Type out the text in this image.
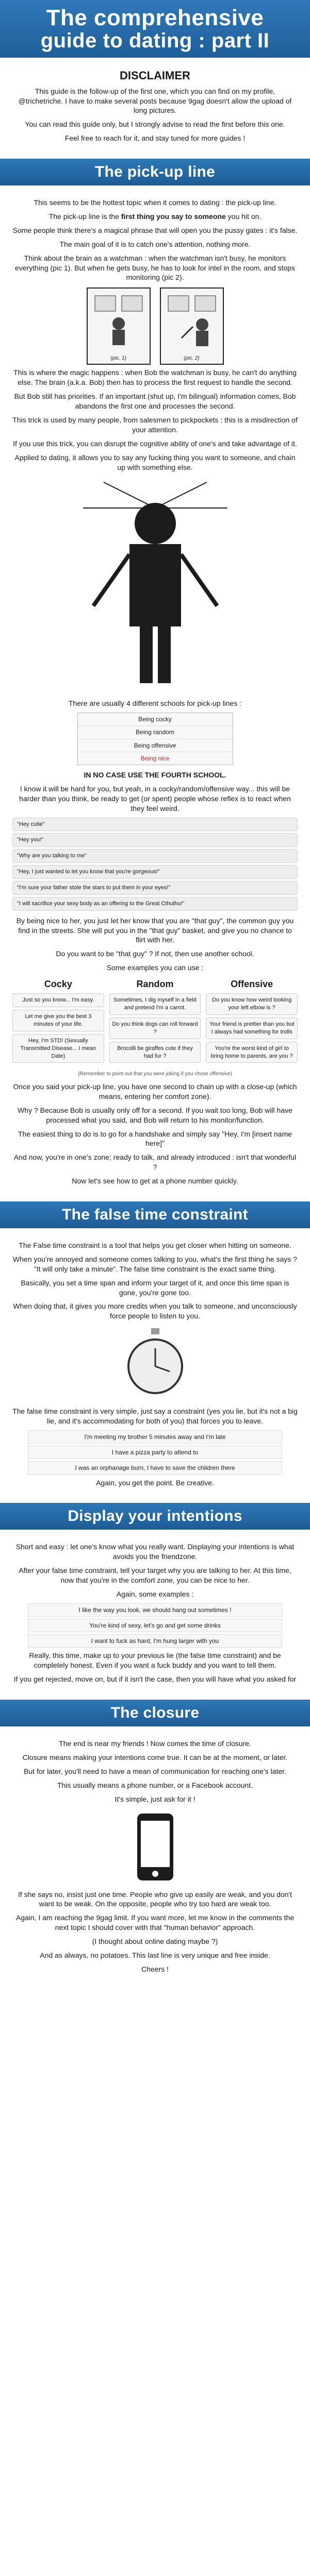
The comprehensive
guide to dating : part II
DISCLAIMER

This guide is the follow-up of the first one, which you can find on my profile, @trichetriche. I have to make several posts because 9gag doesn't allow the upload of long pictures.

You can read this guide only, but I strongly advise to read the first before this one.

Feel free to reach for it, and stay tuned for more guides !

The pick-up line

This seems to be the hottest topic when it comes to dating : the pick-up line.

The pick-up line is the first thing you say to someone you hit on.

Some people think there's a magical phrase that will open you the pussy gates : it's false.

The main goal of it is to catch one's attention, nothing more.

Think about the brain as a watchman : when the watchman isn't busy, he monitors everything (pic 1). But when he gets busy, he has to look for intel in the room, and stops monitoring (pic 2).

(pic. 1)	(pic. 2)

This is where the magic happens : when Bob the watchman is busy, he can't do anything else. The brain (a.k.a. Bob) then has to process the first request to handle the second.

But Bob still has priorities. If an important (shut up, I'm bilingual) information comes, Bob abandons the first one and processes the second.

This trick is used by many people, from salesmen to pickpockets : this is a misdirection of your attention.

If you use this trick, you can disrupt the cognitive ability of one's and take advantage of it.

Applied to dating, it allows you to say any fucking thing you want to someone, and chain up with something else.

There are usually 4 different schools for pick-up lines :

Being cocky
Being random
Being offensive
Being nice

IN NO CASE USE THE FOURTH SCHOOL.

I know it will be hard for you, but yeah, in a cocky/random/offensive way... this will be harder than you think, be ready to get (or spent) people whose reflex is to react when they feel weird.

"Hey cutie"
"Hey you!"
"Why are you talking to me"
"Hey, I just wanted to let you know that you're gorgeous!"
"I'm sure your father stole the stars to put them in your eyes!"
"I will sacrifice your sexy body as an offering to the Great Cthulhu!"

By being nice to her, you just let her know that you are "that guy", the common guy you find in the streets. She will put you in the "that guy" basket, and give you no chance to flirt with her.

Do you want to be "that guy" ? If not, then use another school.

Some examples you can use :

Cocky
Just so you know... I'm easy.
Let me give you the best 3 minutes of your life.
Hey, I'm STD! (Sexually Transmitted Disease... I mean Date)
Random
Sometimes, I dig myself in a field and pretend I'm a carrot.
Do you think dogs can roll forward ?
Brocolli be giraffes cute if they had fur ?
Offensive
Do you know how weird looking your left elbow is ?
Your friend is prettier than you but I always had something for trolls
You're the worst kind of girl to bring home to parents, are you ?
(Remember to point out that you were joking if you chose offensive)

Once you said your pick-up line, you have one second to chain up with a close-up (which means, entering her comfort zone).

Why ? Because Bob is usually only off for a second. If you wait too long, Bob will have processed what you said, and Bob will return to his monitor/function.

The easiest thing to do is to go for a handshake and simply say "Hey, I'm [insert name here]"

And now, you're in one's zone; ready to talk, and already introduced : isn't that wonderful ?

Now let's see how to get at a phone number quickly.

The false time constraint

The False time constraint is a tool that helps you get closer when hitting on someone.

When you're annoyed and someone comes talking to you, what's the first thing he says ? "It will only take a minute". The false time constraint is the exact same thing.

Basically, you set a time span and inform your target of it, and once this time span is gone, you're gone too.

When doing that, it gives you more credits when you talk to someone, and unconsciously force people to listen to you.

The false time constraint is very simple, just say a constraint (yes you lie, but it's not a big lie, and it's accommodating for both of you) that forces you to leave.

I'm meeting my brother 5 minutes away and I'm late
I have a pizza party to attend to
I was an orphanage burn, I have to save the children there

Again, you get the point. Be creative.

Display your intentions

Short and easy : let one's know what you really want. Displaying your intentions is what avoids you the friendzone.

After your false time constraint, tell your target why you are talking to her. At this time, now that you're in the comfort zone, you can be nice to her.

Again, some examples :

I like the way you look, we should hang out sometimes !
You're kind of sexy, let's go and get some drinks
I want to fuck as hard, I'm hung larger with you

Really, this time, make up to your previous lie (the false time constraint) and be completely honest. Even if you want a fuck buddy and you want to tell them.

If you get rejected, move on, but if it isn't the case, then you will have what you asked for

The closure

The end is near my friends ! Now comes the time of closure.

Closure means making your intentions come true. It can be at the moment, or later.

But for later, you'll need to have a mean of communication for reaching one's later.

This usually means a phone number, or a Facebook account.

It's simple, just ask for it !

If she says no, insist just one time. People who give up easily are weak, and you don't want to be weak. On the opposite, people who try too hard are weak too.

Again, I am reaching the 9gag limit. If you want more, let me know in the comments the next topic I should cover with that "human behavior" approach.

(I thought about online dating maybe ?)

And as always, no potatoes. This last line is very unique and free inside.

Cheers !
